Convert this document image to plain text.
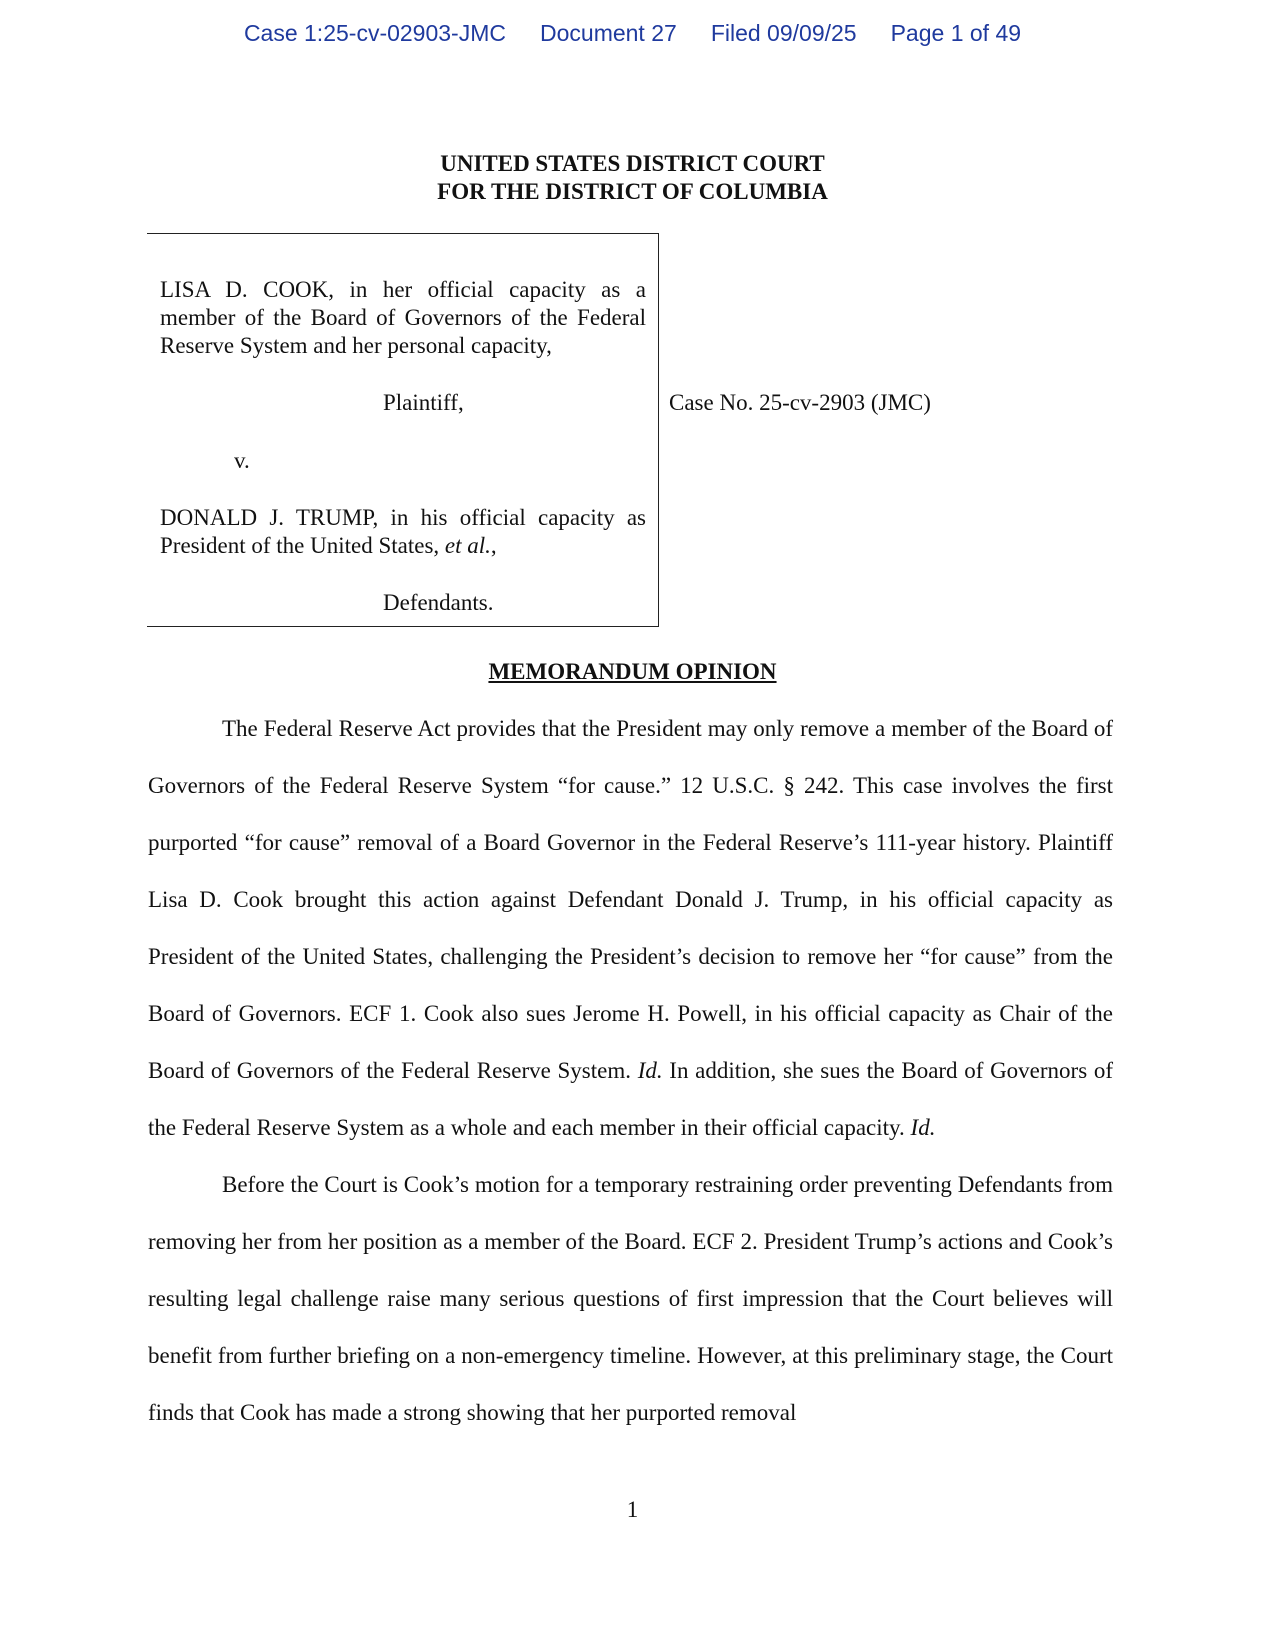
Case 1:25-cv-02903-JMC Document 27 Filed 09/09/25 Page 1 of 49
UNITED STATES DISTRICT COURT
FOR THE DISTRICT OF COLUMBIA
LISA D. COOK, in her official capacity as a member of the Board of Governors of the Federal Reserve System and her personal capacity,
Plaintiff,
v.
DONALD J. TRUMP, in his official capacity as President of the United States, et al.,
Defendants.
Case No. 25-cv-2903 (JMC)
MEMORANDUM OPINION

The Federal Reserve Act provides that the President may only remove a member of the Board of Governors of the Federal Reserve System “for cause.” 12 U.S.C. § 242. This case involves the first purported “for cause” removal of a Board Governor in the Federal Reserve’s 111-year history. Plaintiff Lisa D. Cook brought this action against Defendant Donald J. Trump, in his official capacity as President of the United States, challenging the President’s decision to remove her “for cause” from the Board of Governors. ECF 1. Cook also sues Jerome H. Powell, in his official capacity as Chair of the Board of Governors of the Federal Reserve System. Id. In addition, she sues the Board of Governors of the Federal Reserve System as a whole and each member in their official capacity. Id.

Before the Court is Cook’s motion for a temporary restraining order preventing Defendants from removing her from her position as a member of the Board. ECF 2. President Trump’s actions and Cook’s resulting legal challenge raise many serious questions of first impression that the Court believes will benefit from further briefing on a non-emergency timeline. However, at this preliminary stage, the Court finds that Cook has made a strong showing that her purported removal

1
